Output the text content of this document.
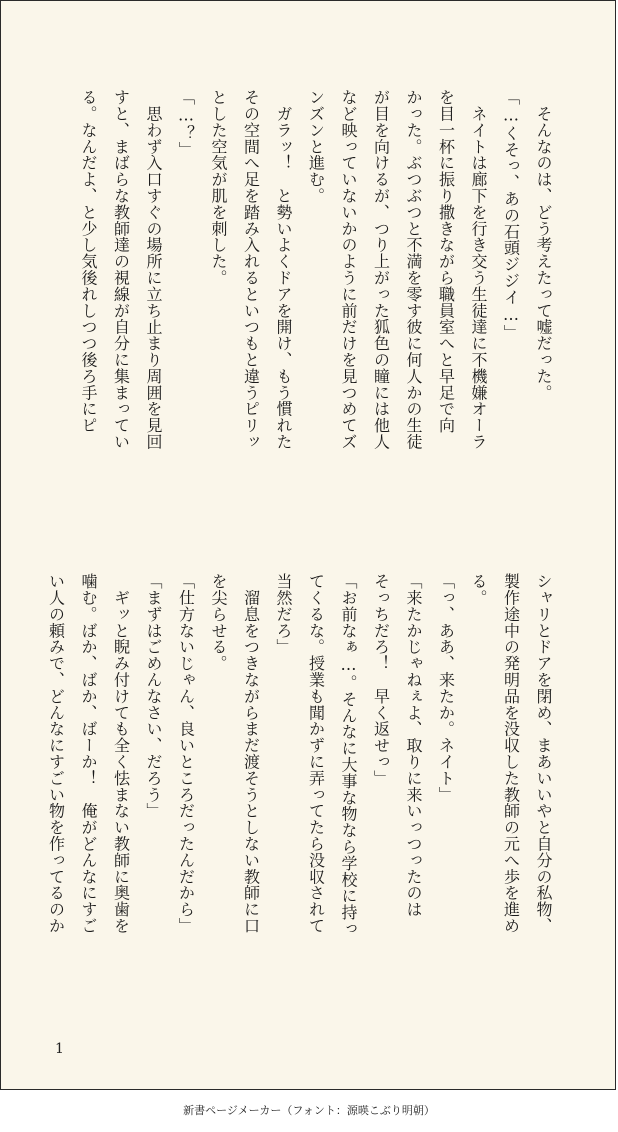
　そんなのは、どう考えたって嘘だった。
「…くそっ、あの石頭ジジイ…」
　ネイトは廊下を行き交う生徒達に不機嫌オーラ
を目一杯に振り撒きながら職員室へと早足で向
かった。ぶつぶつと不満を零す彼に何人かの生徒
が目を向けるが、つり上がった狐色の瞳には他人
など映っていないかのように前だけを見つめてズ
ンズンと進む。
　ガラッ！　と勢いよくドアを開け、もう慣れた
その空間へ足を踏み入れるといつもと違うピリッ
とした空気が肌を刺した。
「…？」
　思わず入口すぐの場所に立ち止まり周囲を見回
すと、まばらな教師達の視線が自分に集まってい
る。なんだよ、と少し気後れしつつ後ろ手にピ
シャリとドアを閉め、まあいいやと自分の私物、
製作途中の発明品を没収した教師の元へ歩を進め
る。
「っ、ああ、来たか。ネイト」
「来たかじゃねぇよ、取りに来いっつったのは
そっちだろ！　早く返せっ」
「お前なぁ…。そんなに大事な物なら学校に持っ
てくるな。授業も聞かずに弄ってたら没収されて
当然だろ」
　溜息をつきながらまだ渡そうとしない教師に口
を尖らせる。
「仕方ないじゃん、良いところだったんだから」
「まずはごめんなさい、だろう」
　ギッと睨み付けても全く怯まない教師に奥歯を
噛む。ばか、ばか、ばーか！　俺がどんなにすご
い人の頼みで、どんなにすごい物を作ってるのか
1
新書ページメーカー（フォント：源暎こぶり明朝）
